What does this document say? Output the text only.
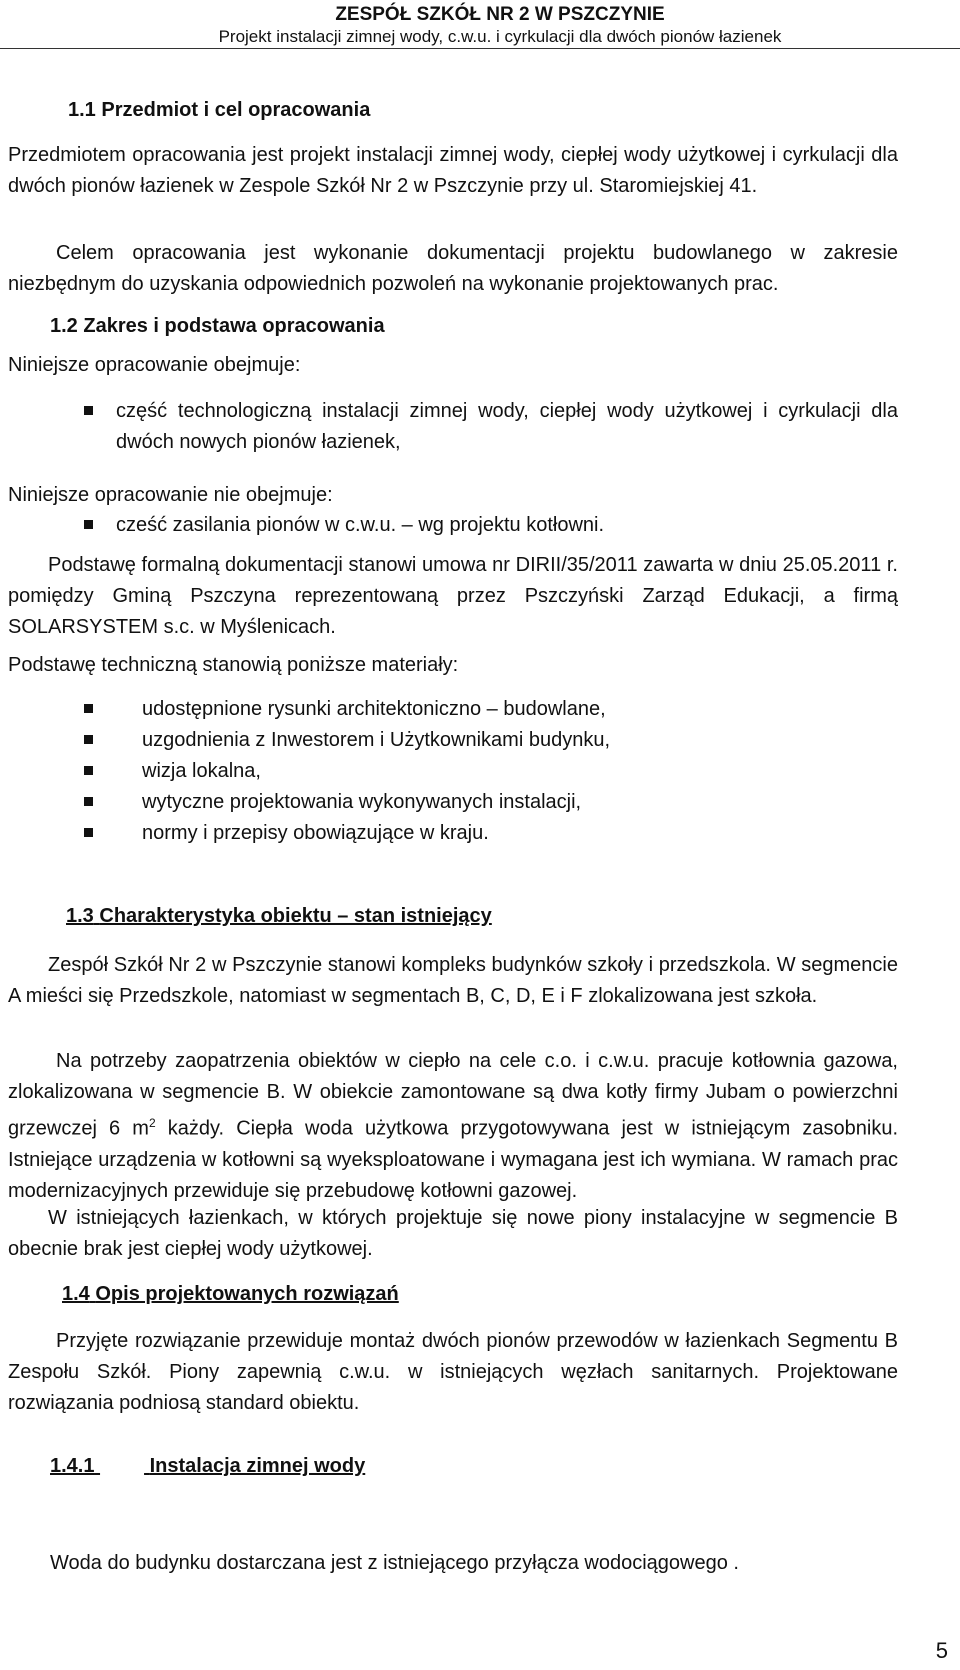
ZESPÓŁ SZKÓŁ NR 2 W PSZCZYNIE
Projekt instalacji zimnej wody, c.w.u. i cyrkulacji dla dwóch pionów łazienek
1.1 Przedmiot i cel opracowania
Przedmiotem opracowania jest projekt instalacji zimnej wody, ciepłej wody użytkowej i cyrkulacji dla dwóch pionów łazienek w Zespole Szkół Nr 2 w Pszczynie przy ul. Staromiejskiej 41.
Celem opracowania jest wykonanie dokumentacji projektu budowlanego w zakresie niezbędnym do uzyskania odpowiednich pozwoleń na wykonanie projektowanych prac.
1.2 Zakres i podstawa opracowania
Niniejsze opracowanie obejmuje:
część technologiczną instalacji zimnej wody, ciepłej wody użytkowej i cyrkulacji dla dwóch nowych pionów łazienek,
Niniejsze opracowanie nie obejmuje:
cześć zasilania pionów w c.w.u. – wg projektu kotłowni.
Podstawę formalną dokumentacji stanowi umowa nr DIRII/35/2011 zawarta w dniu 25.05.2011 r. pomiędzy Gminą Pszczyna reprezentowaną przez Pszczyński Zarząd Edukacji, a firmą SOLARSYSTEM s.c. w Myślenicach.
Podstawę techniczną stanowią poniższe materiały:
udostępnione rysunki architektoniczno – budowlane,
uzgodnienia z Inwestorem i Użytkownikami budynku,
wizja lokalna,
wytyczne projektowania wykonywanych instalacji,
normy i przepisy obowiązujące w kraju.
1.3 Charakterystyka obiektu – stan istniejący
Zespół Szkół Nr 2 w Pszczynie stanowi kompleks budynków szkoły i przedszkola. W segmencie A mieści się Przedszkole, natomiast w segmentach B, C, D, E i F zlokalizowana jest szkoła.
Na potrzeby zaopatrzenia obiektów w ciepło na cele c.o. i c.w.u. pracuje kotłownia gazowa, zlokalizowana w segmencie B. W obiekcie zamontowane są dwa kotły firmy Jubam o powierzchni grzewczej 6 $m^2$ każdy. Ciepła woda użytkowa przygotowywana jest w istniejącym zasobniku. Istniejące urządzenia w kotłowni są wyeksploatowane i wymagana jest ich wymiana. W ramach prac modernizacyjnych przewiduje się przebudowę kotłowni gazowej.
W istniejących łazienkach, w których projektuje się nowe piony instalacyjne w segmencie B obecnie brak jest ciepłej wody użytkowej.
1.4 Opis projektowanych rozwiązań
Przyjęte rozwiązanie przewiduje montaż dwóch pionów przewodów w łazienkach Segmentu B Zespołu Szkół. Piony zapewnią c.w.u. w istniejących węzłach sanitarnych. Projektowane rozwiązania podniosą standard obiektu.
1.4.1	Instalacja zimnej wody
Woda do budynku dostarczana jest z istniejącego przyłącza wodociągowego .
5
